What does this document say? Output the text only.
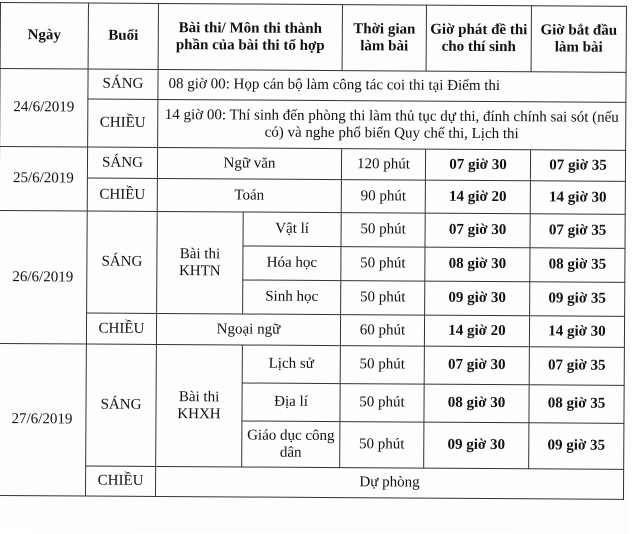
Ngày	Buổi	Bài thi/ Môn thi thành phần của bài thi tổ hợp		Thời gian làm bài	Giờ phát đề thi cho thí sinh	Giờ bắt đầu làm bài
24/6/2019	SÁNG	08 giờ 00: Họp cán bộ làm công tác coi thi tại Điểm thi				
	CHIỀU	14 giờ 00: Thí sinh đến phòng thi làm thủ tục dự thi, đính chính sai sót (nếu có) và nghe phổ biến Quy chế thi, Lịch thi				
25/6/2019	SÁNG	Ngữ văn		120 phút	07 giờ 30	07 giờ 35
	CHIỀU	Toán		90 phút	14 giờ 20	14 giờ 30
26/6/2019	SÁNG	Bài thi KHTN	Vật lí	50 phút	07 giờ 30	07 giờ 35
			Hóa học	50 phút	08 giờ 30	08 giờ 35
			Sinh học	50 phút	09 giờ 30	09 giờ 35
	CHIỀU	Ngoại ngữ		60 phút	14 giờ 20	14 giờ 30
27/6/2019	SÁNG	Bài thi KHXH	Lịch sử	50 phút	07 giờ 30	07 giờ 35
			Địa lí	50 phút	08 giờ 30	08 giờ 35
			Giáo dục công dân	50 phút	09 giờ 30	09 giờ 35
	CHIỀU	Dự phòng				
